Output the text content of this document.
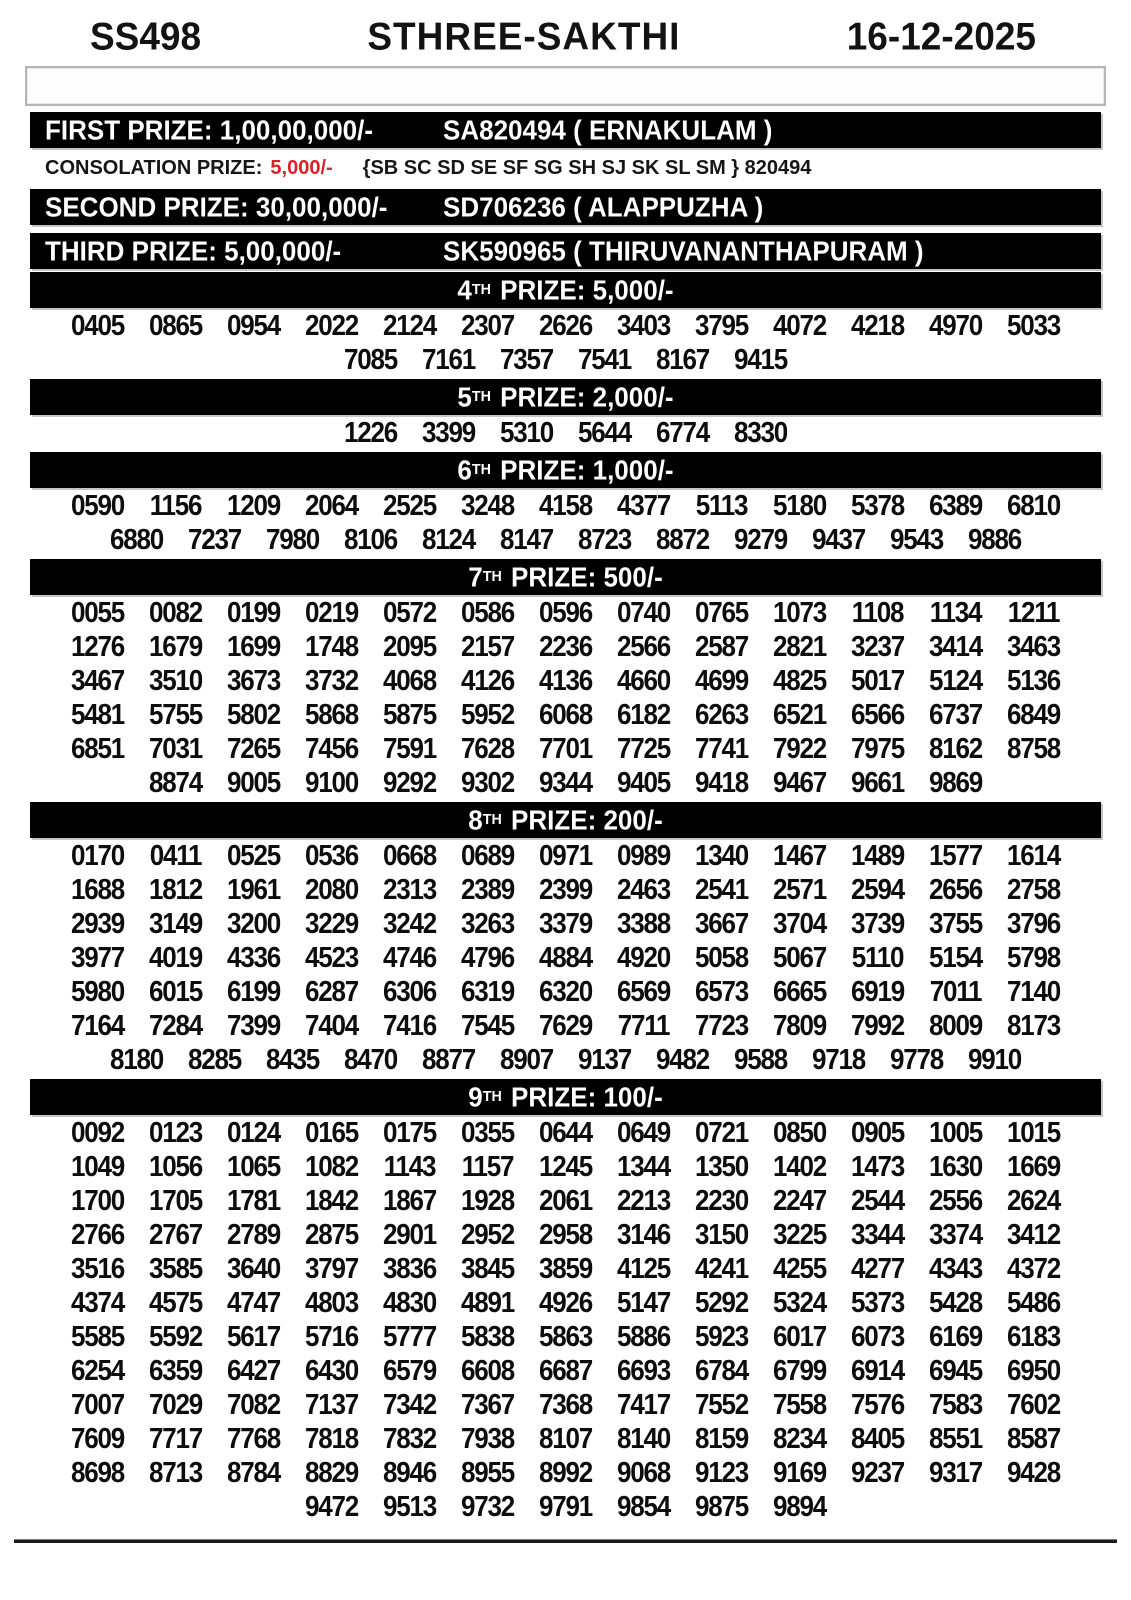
SS498	STHREE-SAKTHI	16-12-2025
FIRST PRIZE: 1,00,00,000/-	SA820494 ( ERNAKULAM )
CONSOLATION PRIZE: 5,000/- {SB SC SD SE SF SG SH SJ SK SL SM } 820494
SECOND PRIZE: 30,00,000/-	SD706236 ( ALAPPUZHA )
THIRD PRIZE: 5,00,000/-	SK590965 ( THIRUVANANTHAPURAM )
4 TH PRIZE: 5,000/-
0405 0865 0954 2022 2124 2307 2626 3403 3795 4072 4218 4970 5033
7085 7161 7357 7541 8167 9415
5 TH PRIZE: 2,000/-
1226 3399 5310 5644 6774 8330
6 TH PRIZE: 1,000/-
0590 1156 1209 2064 2525 3248 4158 4377 5113 5180 5378 6389 6810
6880 7237 7980 8106 8124 8147 8723 8872 9279 9437 9543 9886
7 TH PRIZE: 500/-
0055 0082 0199 0219 0572 0586 0596 0740 0765 1073 1108 1134 1211
1276 1679 1699 1748 2095 2157 2236 2566 2587 2821 3237 3414 3463
3467 3510 3673 3732 4068 4126 4136 4660 4699 4825 5017 5124 5136
5481 5755 5802 5868 5875 5952 6068 6182 6263 6521 6566 6737 6849
6851 7031 7265 7456 7591 7628 7701 7725 7741 7922 7975 8162 8758
8874 9005 9100 9292 9302 9344 9405 9418 9467 9661 9869
8 TH PRIZE: 200/-
0170 0411 0525 0536 0668 0689 0971 0989 1340 1467 1489 1577 1614
1688 1812 1961 2080 2313 2389 2399 2463 2541 2571 2594 2656 2758
2939 3149 3200 3229 3242 3263 3379 3388 3667 3704 3739 3755 3796
3977 4019 4336 4523 4746 4796 4884 4920 5058 5067 5110 5154 5798
5980 6015 6199 6287 6306 6319 6320 6569 6573 6665 6919 7011 7140
7164 7284 7399 7404 7416 7545 7629 7711 7723 7809 7992 8009 8173
8180 8285 8435 8470 8877 8907 9137 9482 9588 9718 9778 9910
9 TH PRIZE: 100/-
0092 0123 0124 0165 0175 0355 0644 0649 0721 0850 0905 1005 1015
1049 1056 1065 1082 1143 1157 1245 1344 1350 1402 1473 1630 1669
1700 1705 1781 1842 1867 1928 2061 2213 2230 2247 2544 2556 2624
2766 2767 2789 2875 2901 2952 2958 3146 3150 3225 3344 3374 3412
3516 3585 3640 3797 3836 3845 3859 4125 4241 4255 4277 4343 4372
4374 4575 4747 4803 4830 4891 4926 5147 5292 5324 5373 5428 5486
5585 5592 5617 5716 5777 5838 5863 5886 5923 6017 6073 6169 6183
6254 6359 6427 6430 6579 6608 6687 6693 6784 6799 6914 6945 6950
7007 7029 7082 7137 7342 7367 7368 7417 7552 7558 7576 7583 7602
7609 7717 7768 7818 7832 7938 8107 8140 8159 8234 8405 8551 8587
8698 8713 8784 8829 8946 8955 8992 9068 9123 9169 9237 9317 9428
9472 9513 9732 9791 9854 9875 9894
